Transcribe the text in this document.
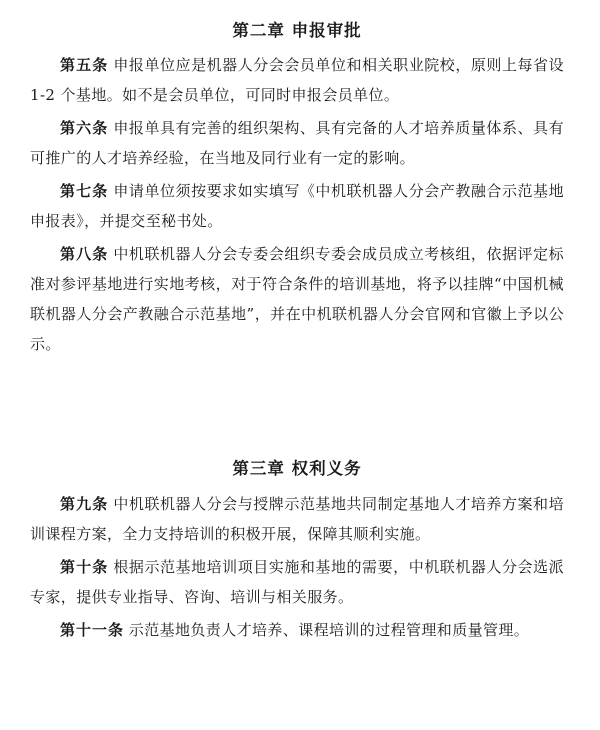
第二章 申报审批

第五条 申报单位应是机器人分会会员单位和相关职业院校，原则上每省设 1-2 个基地。如不是会员单位，可同时申报会员单位。

第六条 申报单具有完善的组织架构、具有完备的人才培养质量体系、具有可推广的人才培养经验，在当地及同行业有一定的影响。

第七条 申请单位须按要求如实填写《中机联机器人分会产教融合示范基地申报表》，并提交至秘书处。

第八条 中机联机器人分会专委会组织专委会成员成立考核组，依据评定标准对参评基地进行实地考核，对于符合条件的培训基地，将予以挂牌“中国机械联机器人分会产教融合示范基地”，并在中机联机器人分会官网和官徽上予以公示。

第三章 权利义务

第九条 中机联机器人分会与授牌示范基地共同制定基地人才培养方案和培训课程方案，全力支持培训的积极开展，保障其顺利实施。

第十条 根据示范基地培训项目实施和基地的需要，中机联机器人分会选派专家，提供专业指导、咨询、培训与相关服务。

第十一条 示范基地负责人才培养、课程培训的过程管理和质量管理。
